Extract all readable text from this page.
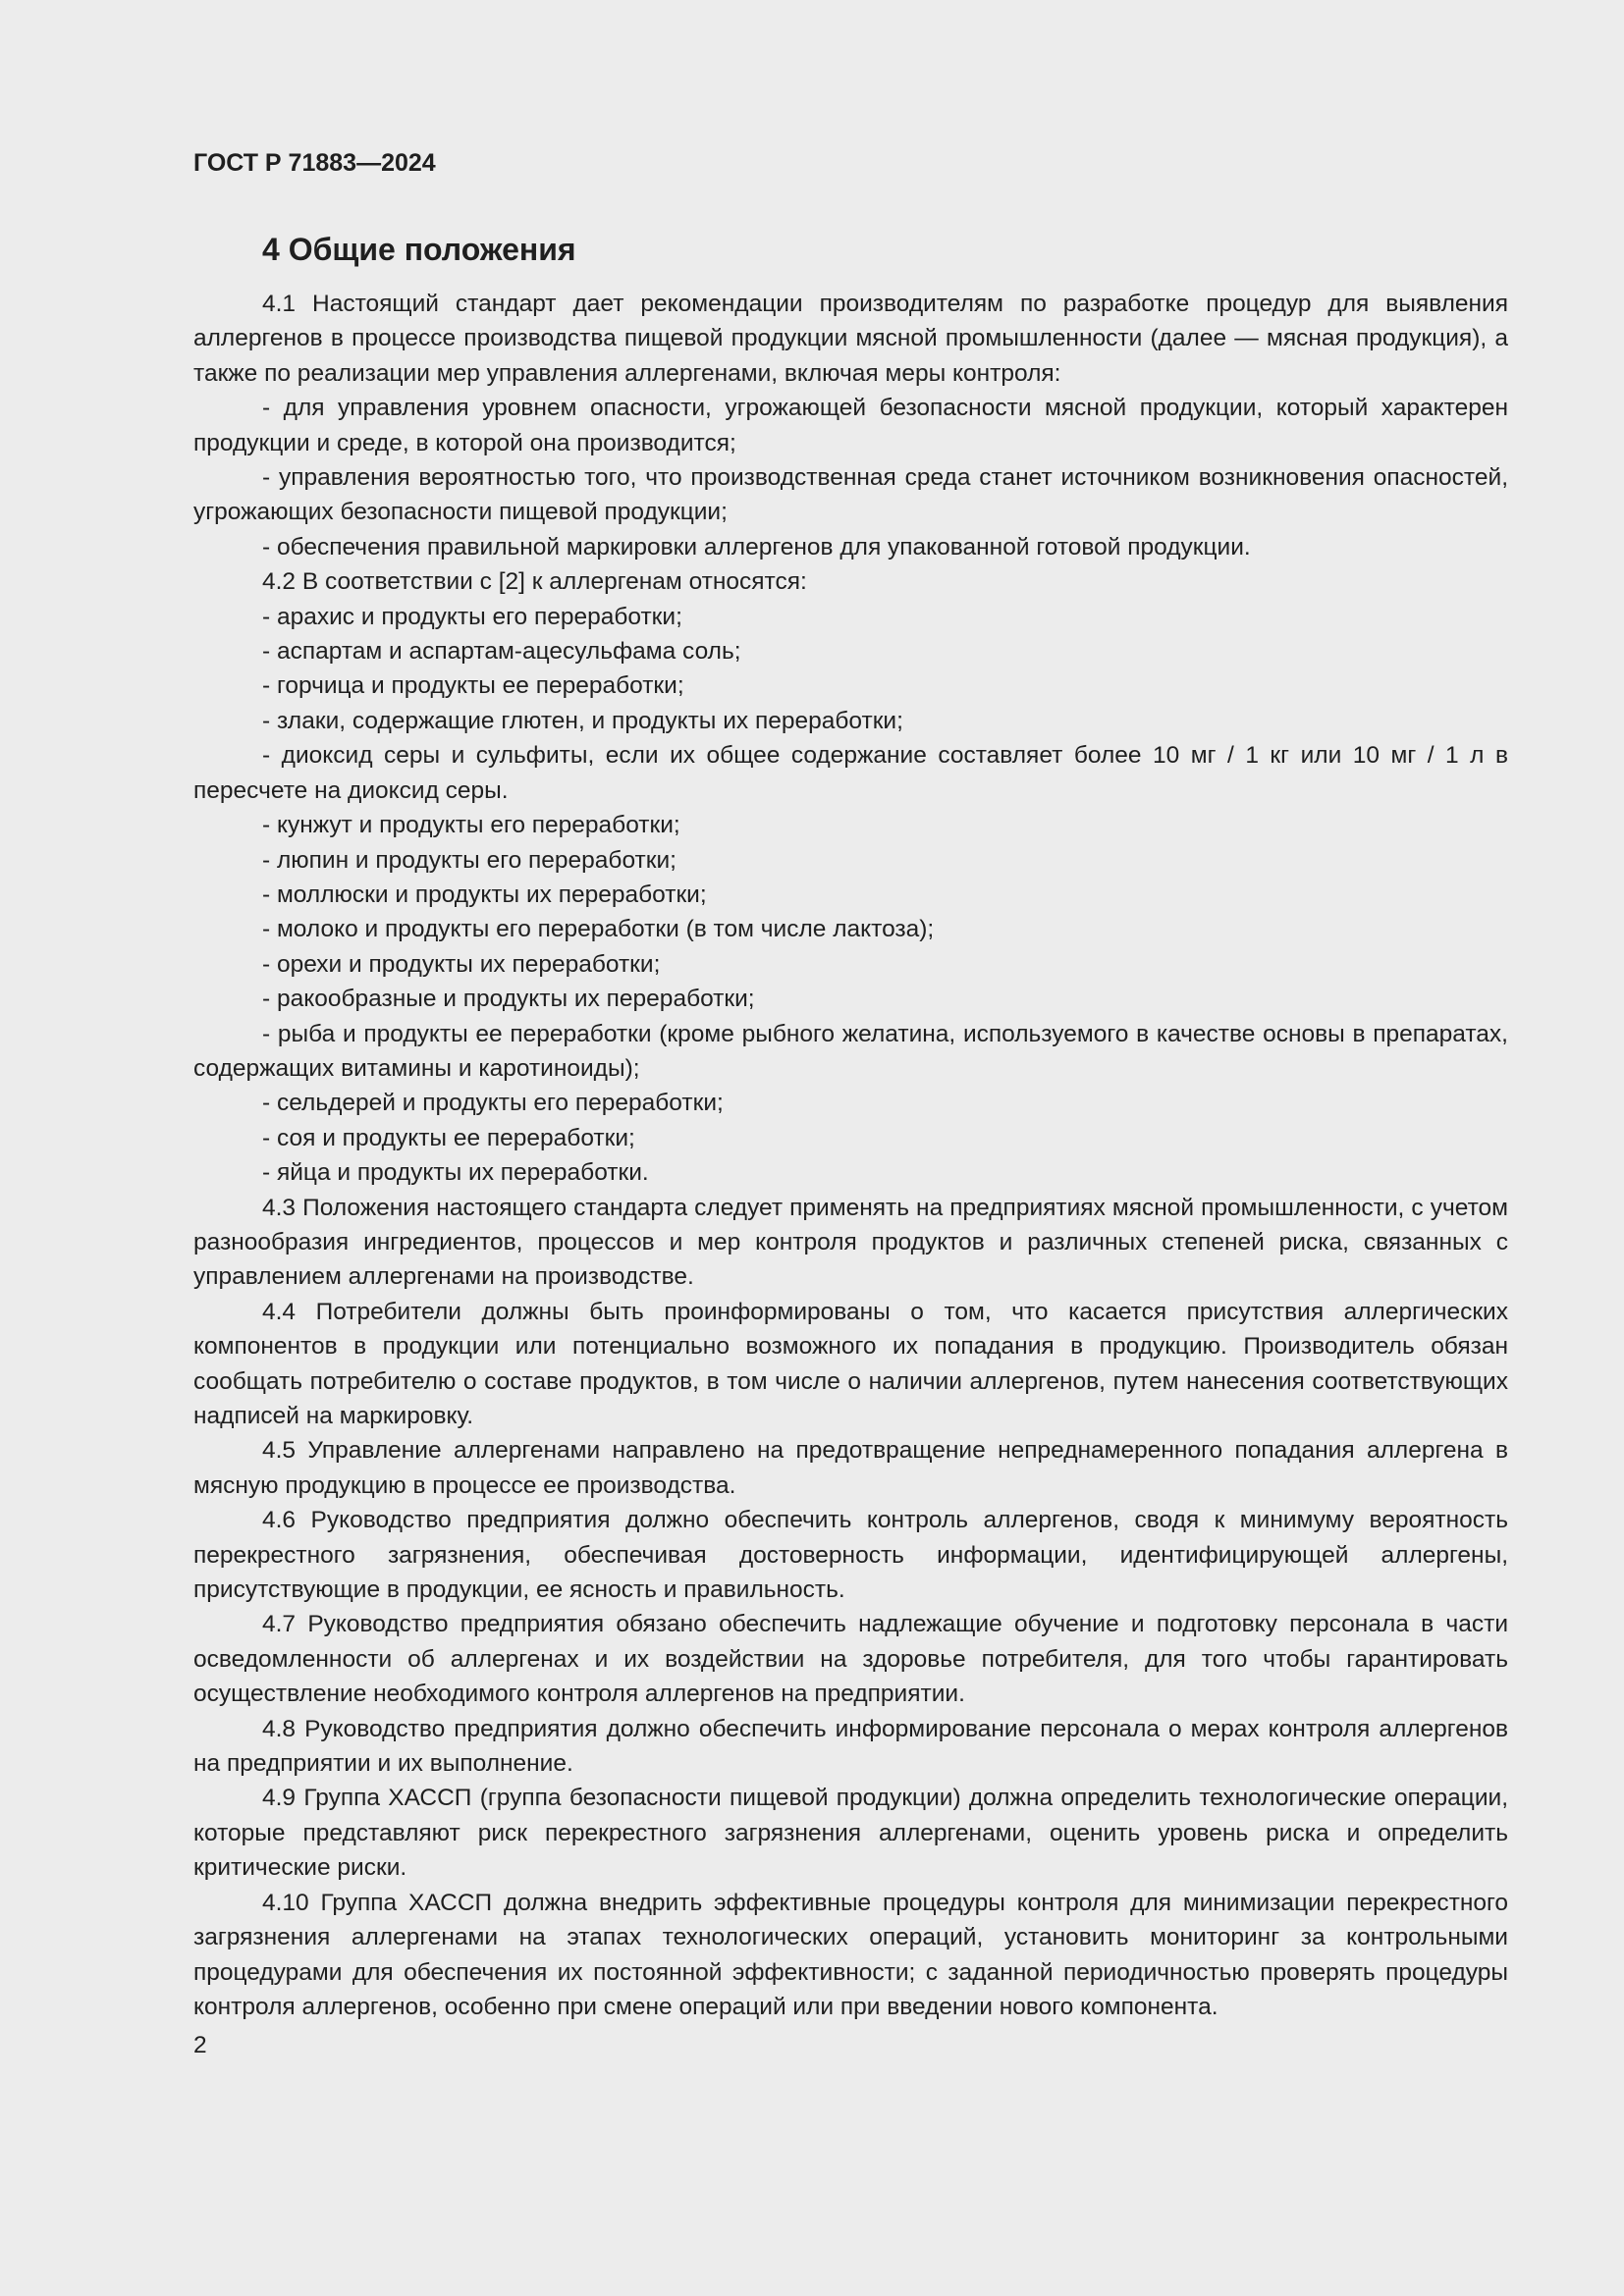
ГОСТ Р 71883—2024
4 Общие положения

4.1 Настоящий стандарт дает рекомендации производителям по разработке процедур для выявления аллергенов в процессе производства пищевой продукции мясной промышленности (далее — мясная продукция), а также по реализации мер управления аллергенами, включая меры контроля:

- для управления уровнем опасности, угрожающей безопасности мясной продукции, который характерен продукции и среде, в которой она производится;

- управления вероятностью того, что производственная среда станет источником возникновения опасностей, угрожающих безопасности пищевой продукции;

- обеспечения правильной маркировки аллергенов для упакованной готовой продукции.

4.2 В соответствии с [2] к аллергенам относятся:

- арахис и продукты его переработки;

- аспартам и аспартам-ацесульфама соль;

- горчица и продукты ее переработки;

- злаки, содержащие глютен, и продукты их переработки;

- диоксид серы и сульфиты, если их общее содержание составляет более 10 мг / 1 кг или 10 мг / 1 л в пересчете на диоксид серы.

- кунжут и продукты его переработки;

- люпин и продукты его переработки;

- моллюски и продукты их переработки;

- молоко и продукты его переработки (в том числе лактоза);

- орехи и продукты их переработки;

- ракообразные и продукты их переработки;

- рыба и продукты ее переработки (кроме рыбного желатина, используемого в качестве основы в препаратах, содержащих витамины и каротиноиды);

- сельдерей и продукты его переработки;

- соя и продукты ее переработки;

- яйца и продукты их переработки.

4.3 Положения настоящего стандарта следует применять на предприятиях мясной промышленности, с учетом разнообразия ингредиентов, процессов и мер контроля продуктов и различных степеней риска, связанных с управлением аллергенами на производстве.

4.4 Потребители должны быть проинформированы о том, что касается присутствия аллергических компонентов в продукции или потенциально возможного их попадания в продукцию. Производитель обязан сообщать потребителю о составе продуктов, в том числе о наличии аллергенов, путем нанесения соответствующих надписей на маркировку.

4.5 Управление аллергенами направлено на предотвращение непреднамеренного попадания аллергена в мясную продукцию в процессе ее производства.

4.6 Руководство предприятия должно обеспечить контроль аллергенов, сводя к минимуму вероятность перекрестного загрязнения, обеспечивая достоверность информации, идентифицирующей аллергены, присутствующие в продукции, ее ясность и правильность.

4.7 Руководство предприятия обязано обеспечить надлежащие обучение и подготовку персонала в части осведомленности об аллергенах и их воздействии на здоровье потребителя, для того чтобы гарантировать осуществление необходимого контроля аллергенов на предприятии.

4.8 Руководство предприятия должно обеспечить информирование персонала о мерах контроля аллергенов на предприятии и их выполнение.

4.9 Группа ХАССП (группа безопасности пищевой продукции) должна определить технологические операции, которые представляют риск перекрестного загрязнения аллергенами, оценить уровень риска и определить критические риски.

4.10 Группа ХАССП должна внедрить эффективные процедуры контроля для минимизации перекрестного загрязнения аллергенами на этапах технологических операций, установить мониторинг за контрольными процедурами для обеспечения их постоянной эффективности; с заданной периодичностью проверять процедуры контроля аллергенов, особенно при смене операций или при введении нового компонента.

2
